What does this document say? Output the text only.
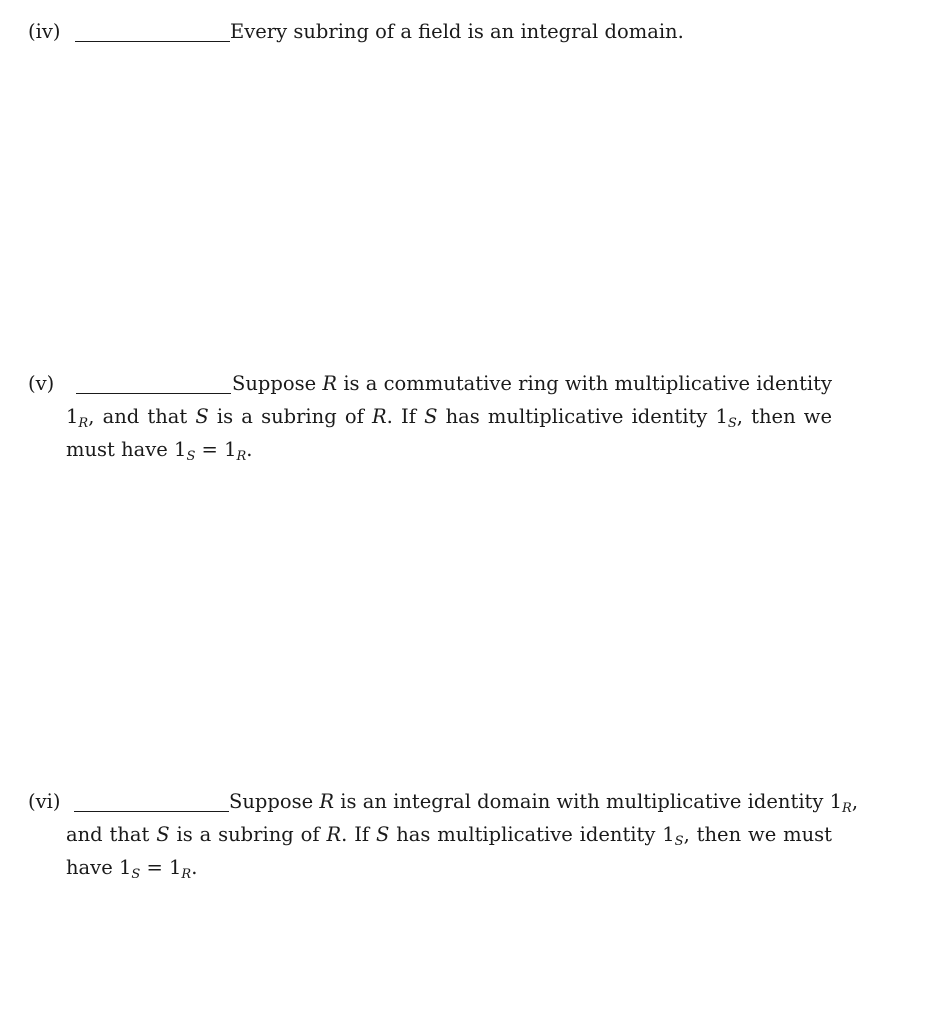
(iv)	Every subring of a field is an integral domain.
(v)	Suppose R is a commutative ring with multiplicative identity
$1_R$, and that S is a subring of R. If S has multiplicative identity $1_S$, then we
must have $1_S = 1_R$.
(vi)	Suppose R is an integral domain with multiplicative identity $1_R$,
and that S is a subring of R. If S has multiplicative identity $1_S$, then we must
have $1_S = 1_R$.
